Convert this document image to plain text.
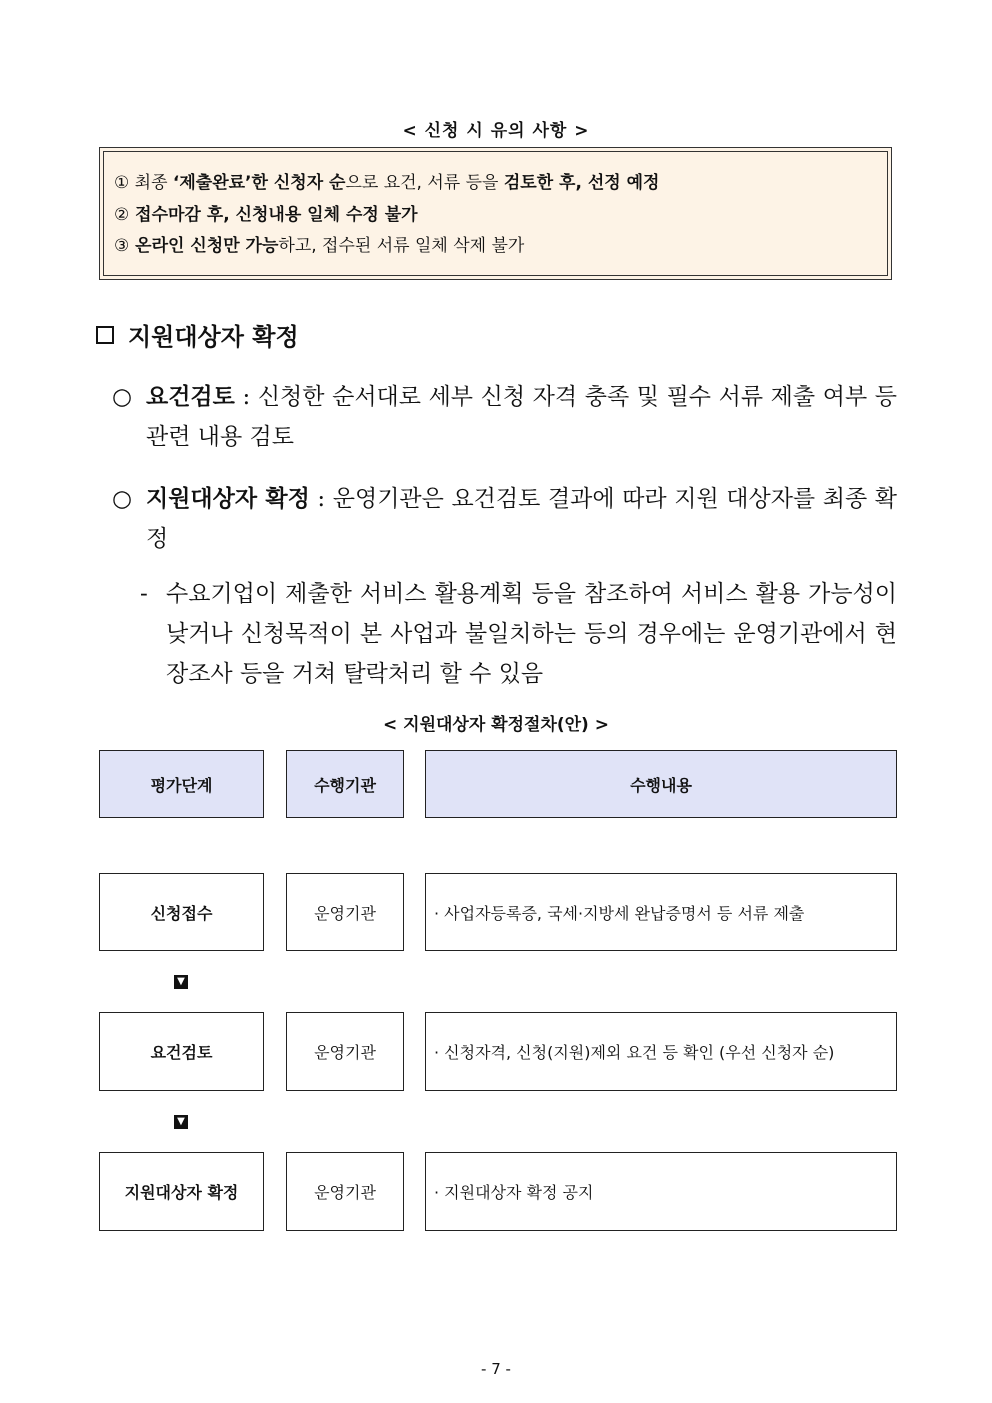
< 신청 시 유의 사항 >
① 최종 ‘제출완료’한 신청자 순으로 요건, 서류 등을 검토한 후, 선정 예정
② 접수마감 후, 신청내용 일체 수정 불가
③ 온라인 신청만 가능하고, 접수된 서류 일체 삭제 불가
지원대상자 확정
○ 요건검토 : 신청한 순서대로 세부 신청 자격 충족 및 필수 서류 제출 여부 등 관련 내용 검토
○ 지원대상자 확정 : 운영기관은 요건검토 결과에 따라 지원 대상자를 최종 확정
- 수요기업이 제출한 서비스 활용계획 등을 참조하여 서비스 활용 가능성이 낮거나 신청목적이 본 사업과 불일치하는 등의 경우에는 운영기관에서 현장조사 등을 거쳐 탈락처리 할 수 있음
< 지원대상자 확정절차(안) >
평가단계	수행기관	수행내용
신청접수	운영기관	· 사업자등록증, 국세·지방세 완납증명서 등 서류 제출
▼
요건검토	운영기관	· 신청자격, 신청(지원)제외 요건 등 확인 (우선 신청자 순)
▼
지원대상자 확정	운영기관	· 지원대상자 확정 공지
- 7 -
